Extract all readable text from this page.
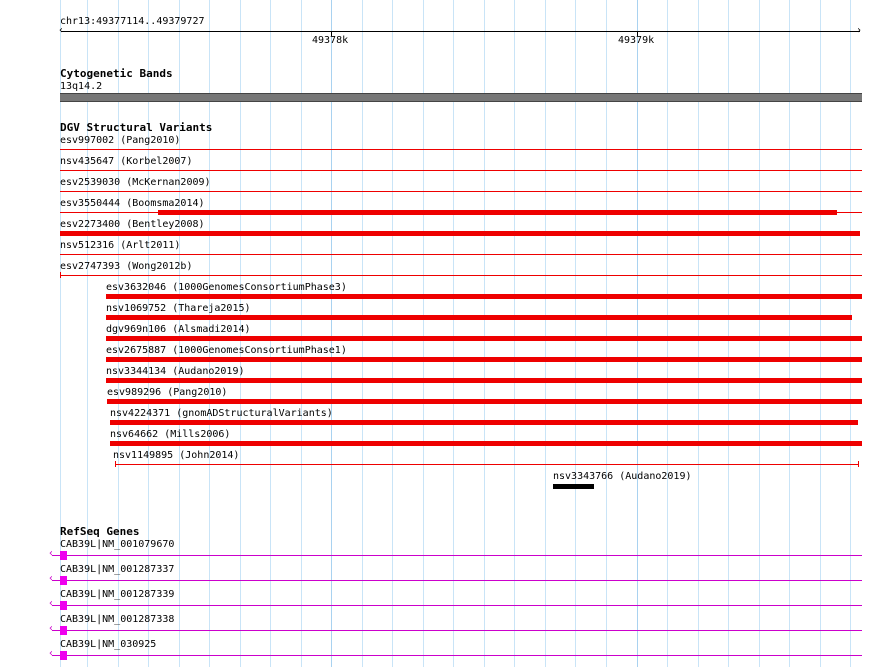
chr13:49377114..49379727
‹	›
49378k	49379k
Cytogenetic Bands
13q14.2
DGV Structural Variants
esv997002 (Pang2010)
nsv435647 (Korbel2007)
esv2539030 (McKernan2009)
esv3550444 (Boomsma2014)
esv2273400 (Bentley2008)
nsv512316 (Arlt2011)
esv2747393 (Wong2012b)
esv3632046 (1000GenomesConsortiumPhase3)
nsv1069752 (Thareja2015)
dgv969n106 (Alsmadi2014)
esv2675887 (1000GenomesConsortiumPhase1)
nsv3344134 (Audano2019)
esv989296 (Pang2010)
nsv4224371 (gnomADStructuralVariants)
nsv64662 (Mills2006)
nsv1149895 (John2014)
nsv3343766 (Audano2019)
RefSeq Genes
CAB39L|NM_001079670
‹
CAB39L|NM_001287337
‹
CAB39L|NM_001287339
‹
CAB39L|NM_001287338
‹
CAB39L|NM_030925
‹
